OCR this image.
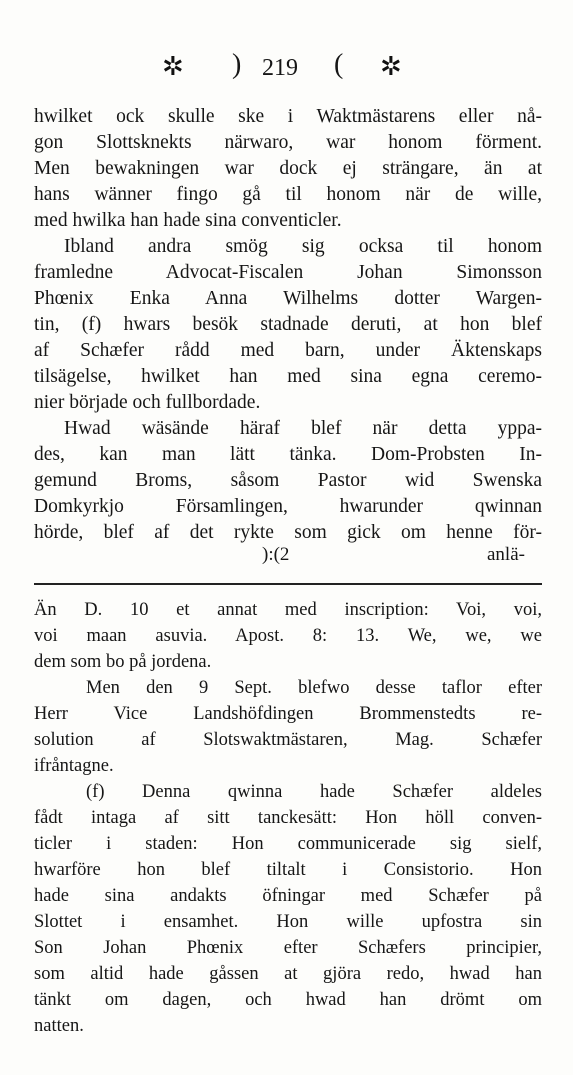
✲ ) 219 ( ✲
hwilket ock skulle ske i Waktmästarens eller nå-
gon Slottsknekts närwaro, war honom förment.
Men bewakningen war dock ej strängare, än at
hans wänner fingo gå til honom när de wille,
med hwilka han hade sina conventicler.
Ibland andra smög sig ocksa til honom
framledne Advocat-Fiscalen Johan Simonsson
Phœnix Enka Anna Wilhelms dotter Wargen-
tin, (f) hwars besök stadnade deruti, at hon blef
af Schæfer rådd med barn, under Äktenskaps
tilsägelse, hwilket han med sina egna ceremo-
nier började och fullbordade.
Hwad wäsände häraf blef när detta yppa-
des, kan man lätt tänka. Dom-Probsten In-
gemund Broms, såsom Pastor wid Swenska
Domkyrkjo Församlingen, hwarunder qwinnan
hörde, blef af det rykte som gick om henne för-
):(2	anlä-
Än D. 10 et annat med inscription: Voi, voi,
voi maan asuvia. Apost. 8: 13. We, we, we
dem som bo på jordena.
Men den 9 Sept. blefwo desse taflor efter
Herr Vice Landshöfdingen Brommenstedts re-
solution af Slotswaktmästaren, Mag. Schæfer
ifråntagne.
(f) Denna qwinna hade Schæfer aldeles
fådt intaga af sitt tanckesätt: Hon höll conven-
ticler i staden: Hon communicerade sig sielf,
hwarföre hon blef tiltalt i Consistorio. Hon
hade sina andakts öfningar med Schæfer på
Slottet i ensamhet. Hon wille upfostra sin
Son Johan Phœnix efter Schæfers principier,
som altid hade gåssen at gjöra redo, hwad han
tänkt om dagen, och hwad han drömt om
natten.
